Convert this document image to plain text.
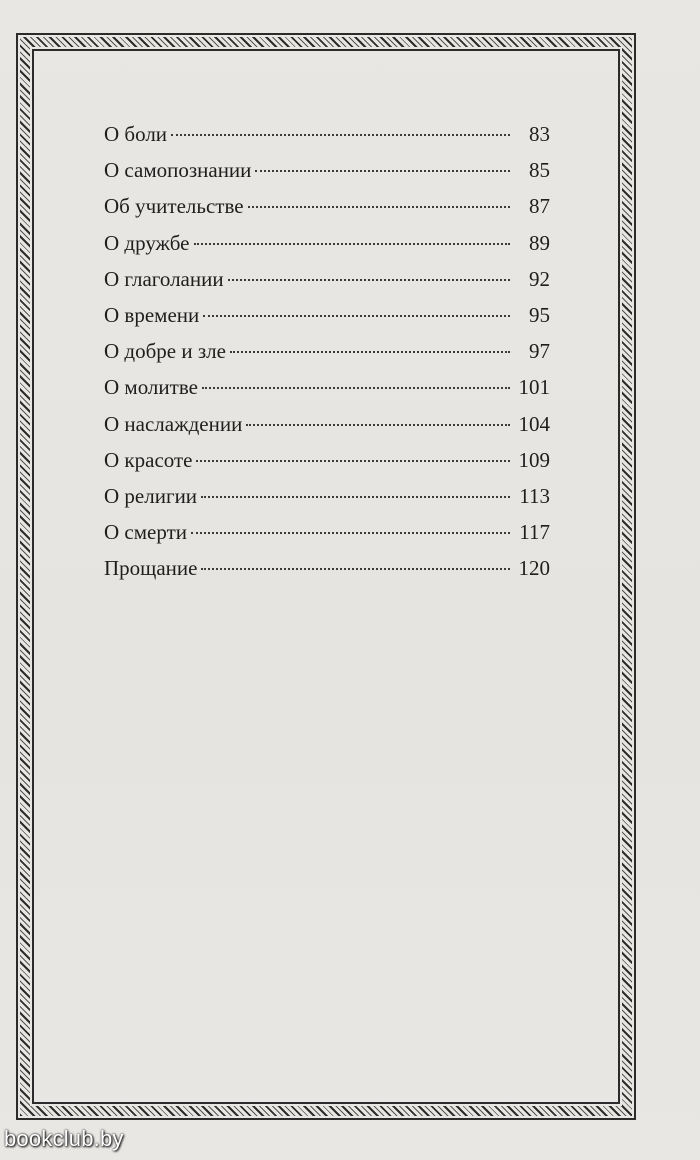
О боли	83
О самопознании	85
Об учительстве	87
О дружбе	89
О глаголании	92
О времени	95
О добре и зле	97
О молитве	101
О наслаждении	104
О красоте	109
О религии	113
О смерти	117
Прощание	120
bookclub.by
